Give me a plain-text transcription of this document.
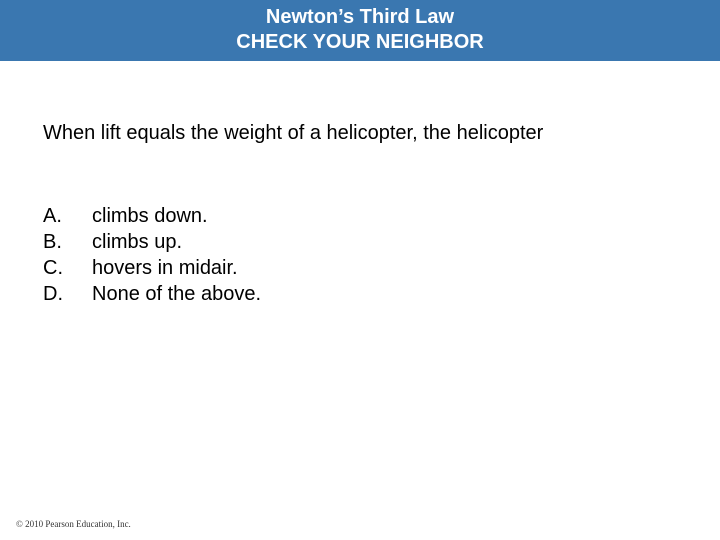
Newton’s Third Law
CHECK YOUR NEIGHBOR
When lift equals the weight of a helicopter, the helicopter
A. climbs down.
B. climbs up.
C. hovers in midair.
D. None of the above.
© 2010 Pearson Education, Inc.
